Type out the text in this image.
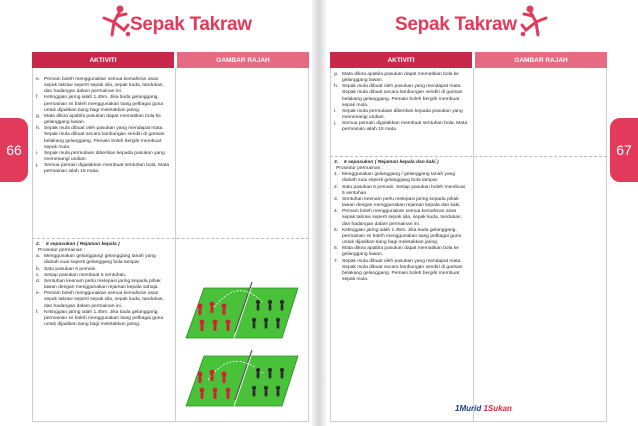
66	67
Sepak Takraw	Sepak Takraw
AKTIVITI	GAMBAR RAJAH
e. Pemain boleh menggunakan semua kemahiran asas sepak takraw seperti sepak sila, sepak kuda, tandukan, dan hadangan dalam permainan ini.
f.	Ketinggian jaring ialah 1.45m. Jika tiada gelanggang, permainan ini boleh menggunakan tiang pelbagai guna untuk dijadikan tiang bagi meletakkan jaring.
g. Mata dikira apabila pasukan dapat mematikan bola ke gelanggang lawan.
h. Sepak mula dibuat oleh pasukan yang mendapat mata. Sepak mula dibuat secara lambungan sendiri di garisan belakang gelanggang. Pemain boleh bergilir membuat sepak mula.
i.	Sepak mula permulaan diberikan kepada pasukan yang memenangi undian.
j.	Semua pemain digalakkan membuat sentuhan bola. Mata permainan ialah 15 mata.
2.	6 sepasukan ( Rejaman kepala )
Prosedur permainan :
a. Menggunakan gelanggang/ gelanggang tanah yang diubah suai seperti gelanggang bola tampar.
b. Satu pasukan 6 pemain.
c. Setiap pasukan membuat 5 sentuhan.
d. Sentuhan keenam perlu melepasi jaring kepada pihak lawan dengan menggunakan rejaman kepala sahaja.
e. Pemain boleh menggunakan semua kemahiran asas sepak takraw seperti sepak sila, sepak kuda, tandukan, dan hadangan dalam permainan ini.
f.	Ketinggian jaring ialah 1.45m. Jika tiada gelanggang, permainan ini boleh menggunakan tiang pelbagai guna untuk dijadikan tiang bagi meletakkan jaring.
AKTIVITI	GAMBAR RAJAH
g. Mata dikira apabila pasukan dapat mematikan bola ke gelanggang lawan.
h. Sepak mula dibuat oleh pasukan yang mendapat mata. Sepak mula dibuat secara lambungan sendiri di garisan belakang gelanggang. Pemain boleh bergilir membuat sepak mula.
i.	Sepak mula permulaan diberikan kepada pasukan yang memenangi undian.
j.	Semua pemain digalakkan membuat sentuhan bola. Mata permainan ialah 15 mata.
3.	6 sepasukan ( Rejaman kepala dan kaki )
Prosedur permainan :
1. Menggunakan gelanggang / gelanggang tanah yang diubah suai seperti gelanggang bola tampar.
2. Satu pasukan 6 pemain. Setiap pasukan boleh membuat 5 sentuhan.
3. Sentuhan keenam perlu melepasi jaring kepada pihak lawan dengan menggunakan rejaman kepala dan kaki.
4. Pemain boleh menggunakan semua kemahiran asas sepak takraw seperti sepak sila, sepak kuda, tandukan, dan hadangan dalam permainan ini.
5. Ketinggian jaring ialah 1.45m. Jika tiada gelanggang, permainan ini boleh menggunakan tiang pelbagai guna untuk dijadikan tiang bagi meletakkan jaring.
6. Mata dikira apabila pasukan dapat mematikan bola ke gelanggang lawan.
7. Sepak mula dibuat oleh pasukan yang mendapat mata. Sepak mula dibuat secara lambungan sendiri di garisan belakang gelanggang. Pemain boleh bergilir membuat sepak mula.
1Murid 1Sukan
